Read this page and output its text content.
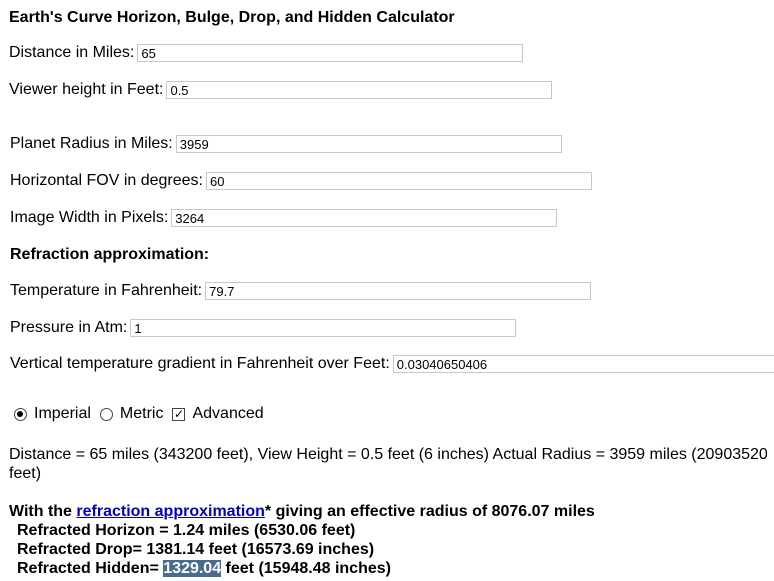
Earth's Curve Horizon, Bulge, Drop, and Hidden Calculator
Distance in Miles:
65
Viewer height in Feet:
0.5
Planet Radius in Miles:
3959
Horizontal FOV in degrees:
60
Image Width in Pixels:
3264
Refraction approximation:
Temperature in Fahrenheit:
79.7
Pressure in Atm:
1
Vertical temperature gradient in Fahrenheit over Feet:
0.03040650406
Imperial Metric ✓ Advanced
Distance = 65 miles (343200 feet), View Height = 0.5 feet (6 inches) Actual Radius = 3959 miles (20903520 feet)
With the refraction approximation* giving an effective radius of 8076.07 miles
Refracted Horizon = 1.24 miles (6530.06 feet)
Refracted Drop= 1381.14 feet (16573.69 inches)
Refracted Hidden= 1329.04 feet (15948.48 inches)
